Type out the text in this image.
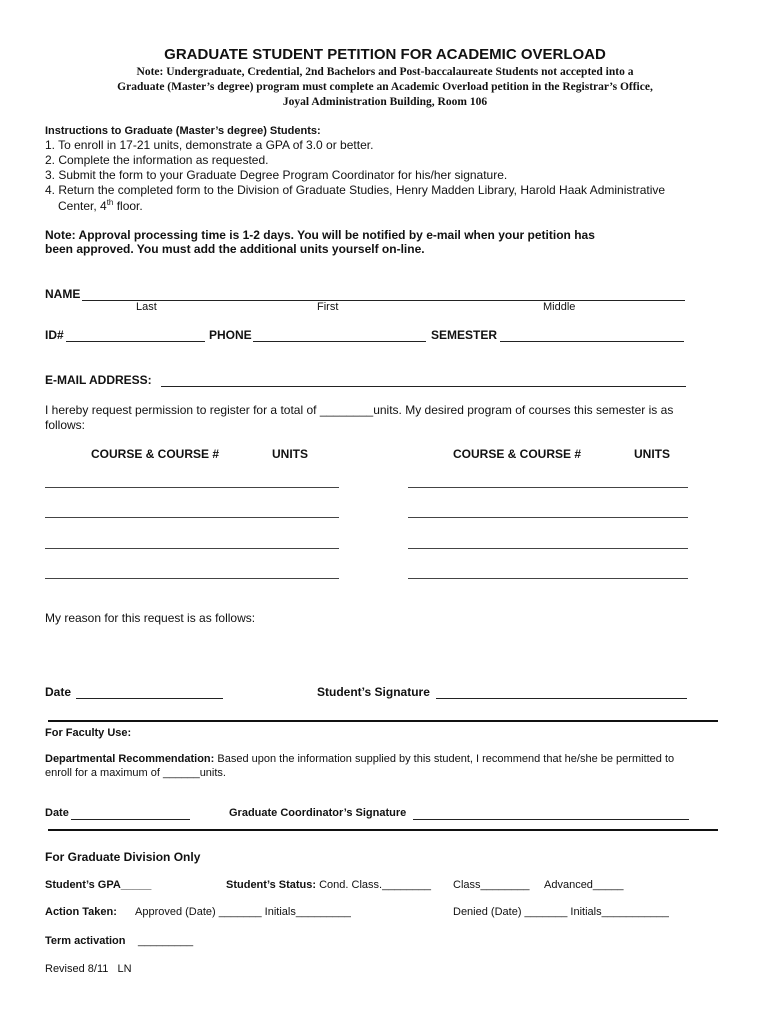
GRADUATE STUDENT PETITION FOR ACADEMIC OVERLOAD
Note: Undergraduate, Credential, 2nd Bachelors and Post-baccalaureate Students not accepted into a
Graduate (Master’s degree) program must complete an Academic Overload petition in the Registrar’s Office,
Joyal Administration Building, Room 106
Instructions to Graduate (Master’s degree) Students:
1. To enroll in 17-21 units, demonstrate a GPA of 3.0 or better.
2. Complete the information as requested.
3. Submit the form to your Graduate Degree Program Coordinator for his/her signature.
4. Return the completed form to the Division of Graduate Studies, Henry Madden Library, Harold Haak Administrative
Center, 4th floor.
Note: Approval processing time is 1-2 days. You will be notified by e-mail when your petition has
been approved. You must add the additional units yourself on-line.
NAME
Last	First	Middle
ID#	PHONE	SEMESTER
E-MAIL ADDRESS:
I hereby request permission to register for a total of ________units. My desired program of courses this semester is as
follows:
COURSE & COURSE #	UNITS	COURSE & COURSE #	UNITS
My reason for this request is as follows:
Date	Student’s Signature
For Faculty Use:
Departmental Recommendation: Based upon the information supplied by this student, I recommend that he/she be permitted to
enroll for a maximum of ______units.
Date	Graduate Coordinator’s Signature
For Graduate Division Only
Student’s GPA_____	Student’s Status: Cond. Class.________ Class________ Advanced_____
Action Taken: Approved (Date) _______ Initials_________	Denied (Date) _______ Initials___________
Term activation _________
Revised 8/11   LN
